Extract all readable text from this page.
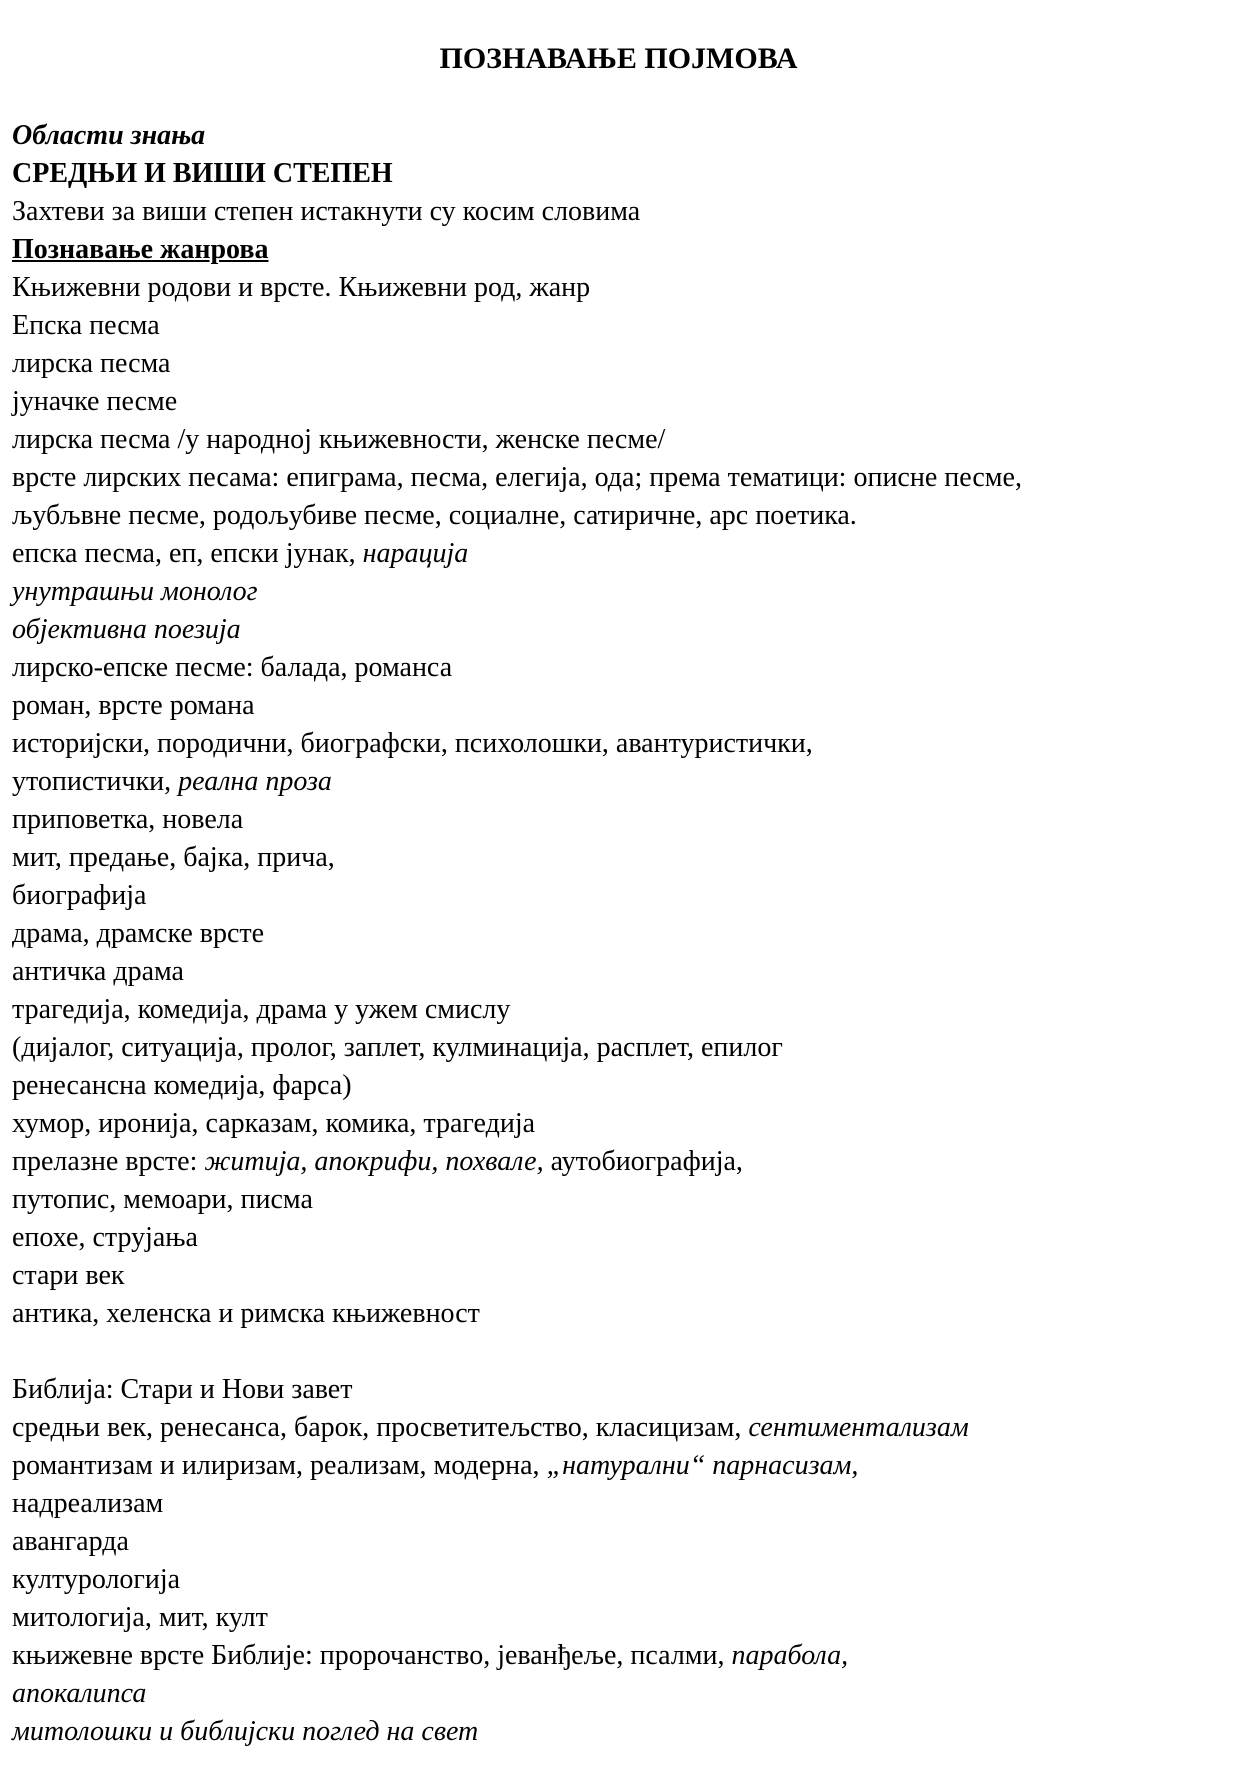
ПОЗНАВАЊЕ ПОЈМОВА
Области знања
СРЕДЊИ И ВИШИ СТЕПЕН
Захтеви за виши степен истакнути су косим словима
Познавање жанрова
Књижевни родови и врсте. Књижевни род, жанр
Епска песма
лирска песма
јуначке песме
лирска песма /у народној књижевности, женске песме/
врсте лирских песама: епиграма, песма, елегија, ода; према тематици: описне песме,
љубљвне песме, родољубиве песме, социалне, сатиричне, арс поетика.
епска песма, еп, епски јунак, нарација
унутрашњи монолог
објективна поезија
лирско-епске песме: балада, романса
роман, врсте романа
историјски, породични, биографски, психолошки, авантуристички,
утопистички, реална проза
приповетка, новела
мит, предање, бајка, прича,
биографија
драма, драмске врсте
античка драма
трагедија, комедија, драма у ужем смислу
(дијалог, ситуација, пролог, заплет, кулминација, расплет, епилог
ренесансна комедија, фарса)
хумор, иронија, сарказам, комика, трагедија
прелазне врсте: житија, апокрифи, похвале, аутобиографија,
путопис, мемоари, писма
епохе, струјања
стари век
антика, хеленска и римска књижевност
Библија: Стари и Нови завет
средњи век, ренесанса, барок, просветитељство, класицизам, сентиментализам
романтизам и илиризам, реализам, модерна, „натурални“ парнасизам,
надреализам
авангарда
културологија
митологија, мит, култ
књижевне врсте Библије: пророчанство, јеванђеље, псалми, парабола,
апокалипса
митолошки и библијски поглед на свет
